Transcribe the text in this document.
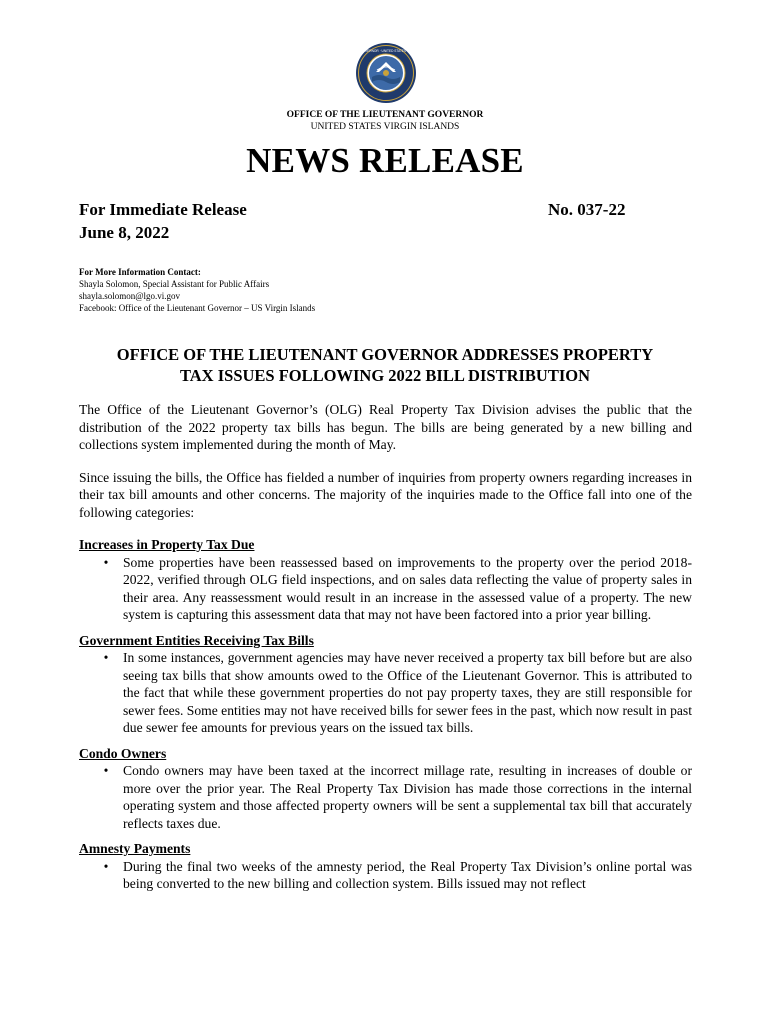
LIEUTENANT GOVERNOR · UNITED STATES VIRGIN ISLANDS
OFFICE OF THE LIEUTENANT GOVERNOR
UNITED STATES VIRGIN ISLANDS
NEWS RELEASE
For Immediate Release
June 8, 2022
No. 037-22
For More Information Contact:
Shayla Solomon, Special Assistant for Public Affairs
shayla.solomon@lgo.vi.gov
Facebook: Office of the Lieutenant Governor – US Virgin Islands
OFFICE OF THE LIEUTENANT GOVERNOR ADDRESSES PROPERTY
TAX ISSUES FOLLOWING 2022 BILL DISTRIBUTION

The Office of the Lieutenant Governor’s (OLG) Real Property Tax Division advises the public that the distribution of the 2022 property tax bills has begun. The bills are being generated by a new billing and collections system implemented during the month of May.

Since issuing the bills, the Office has fielded a number of inquiries from property owners regarding increases in their tax bill amounts and other concerns. The majority of the inquiries made to the Office fall into one of the following categories:

Increases in Property Tax Due
•	Some properties have been reassessed based on improvements to the property over the period 2018-2022, verified through OLG field inspections, and on sales data reflecting the value of property sales in their area. Any reassessment would result in an increase in the assessed value of a property. The new system is capturing this assessment data that may not have been factored into a prior year billing.
Government Entities Receiving Tax Bills
•	In some instances, government agencies may have never received a property tax bill before but are also seeing tax bills that show amounts owed to the Office of the Lieutenant Governor. This is attributed to the fact that while these government properties do not pay property taxes, they are still responsible for sewer fees. Some entities may not have received bills for sewer fees in the past, which now result in past due sewer fee amounts for previous years on the issued tax bills.
Condo Owners
•	Condo owners may have been taxed at the incorrect millage rate, resulting in increases of double or more over the prior year. The Real Property Tax Division has made those corrections in the internal operating system and those affected property owners will be sent a supplemental tax bill that accurately reflects taxes due.
Amnesty Payments
•	During the final two weeks of the amnesty period, the Real Property Tax Division’s online portal was being converted to the new billing and collection system. Bills issued may not reflect
